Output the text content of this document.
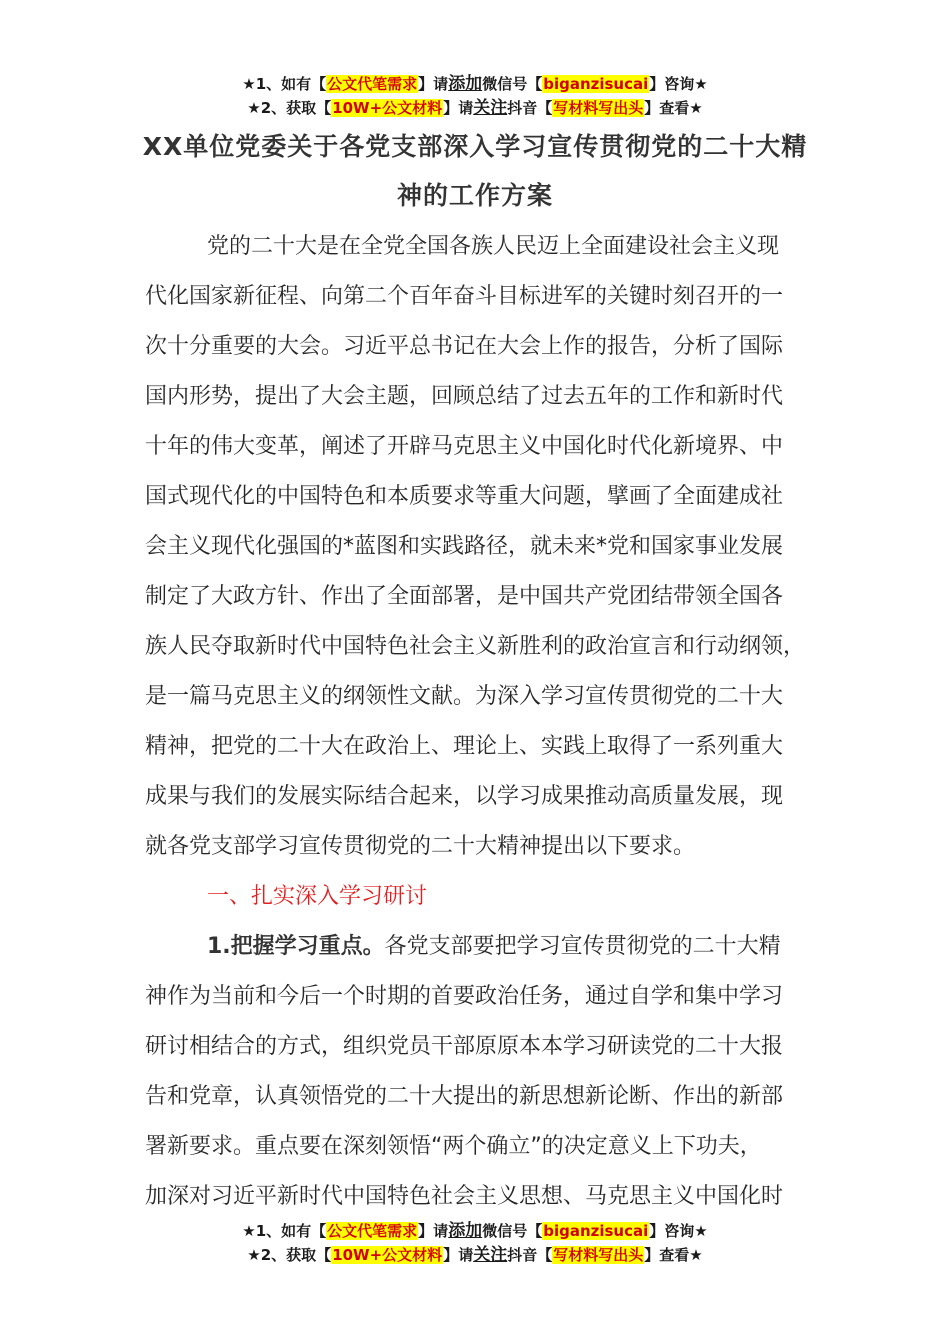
★1、如有【公文代笔需求】请添加微信号【biganzisucai】咨询★
★2、获取【10W+公文材料】请关注抖音【写材料写出头】查看★
XX单位党委关于各党支部深入学习宣传贯彻党的二十大精
神的工作方案
党的二十大是在全党全国各族人民迈上全面建设社会主义现
代化国家新征程、向第二个百年奋斗目标进军的关键时刻召开的一
次十分重要的大会。习近平总书记在大会上作的报告，分析了国际
国内形势，提出了大会主题，回顾总结了过去五年的工作和新时代
十年的伟大变革，阐述了开辟马克思主义中国化时代化新境界、中
国式现代化的中国特色和本质要求等重大问题，擘画了全面建成社
会主义现代化强国的*蓝图和实践路径，就未来*党和国家事业发展
制定了大政方针、作出了全面部署，是中国共产党团结带领全国各
族人民夺取新时代中国特色社会主义新胜利的政治宣言和行动纲领，
是一篇马克思主义的纲领性文献。为深入学习宣传贯彻党的二十大
精神，把党的二十大在政治上、理论上、实践上取得了一系列重大
成果与我们的发展实际结合起来，以学习成果推动高质量发展，现
就各党支部学习宣传贯彻党的二十大精神提出以下要求。
一、扎实深入学习研讨
1.把握学习重点。各党支部要把学习宣传贯彻党的二十大精
神作为当前和今后一个时期的首要政治任务，通过自学和集中学习
研讨相结合的方式，组织党员干部原原本本学习研读党的二十大报
告和党章，认真领悟党的二十大提出的新思想新论断、作出的新部
署新要求。重点要在深刻领悟“两个确立”的决定意义上下功夫，
加深对习近平新时代中国特色社会主义思想、马克思主义中国化时
★1、如有【公文代笔需求】请添加微信号【biganzisucai】咨询★
★2、获取【10W+公文材料】请关注抖音【写材料写出头】查看★
